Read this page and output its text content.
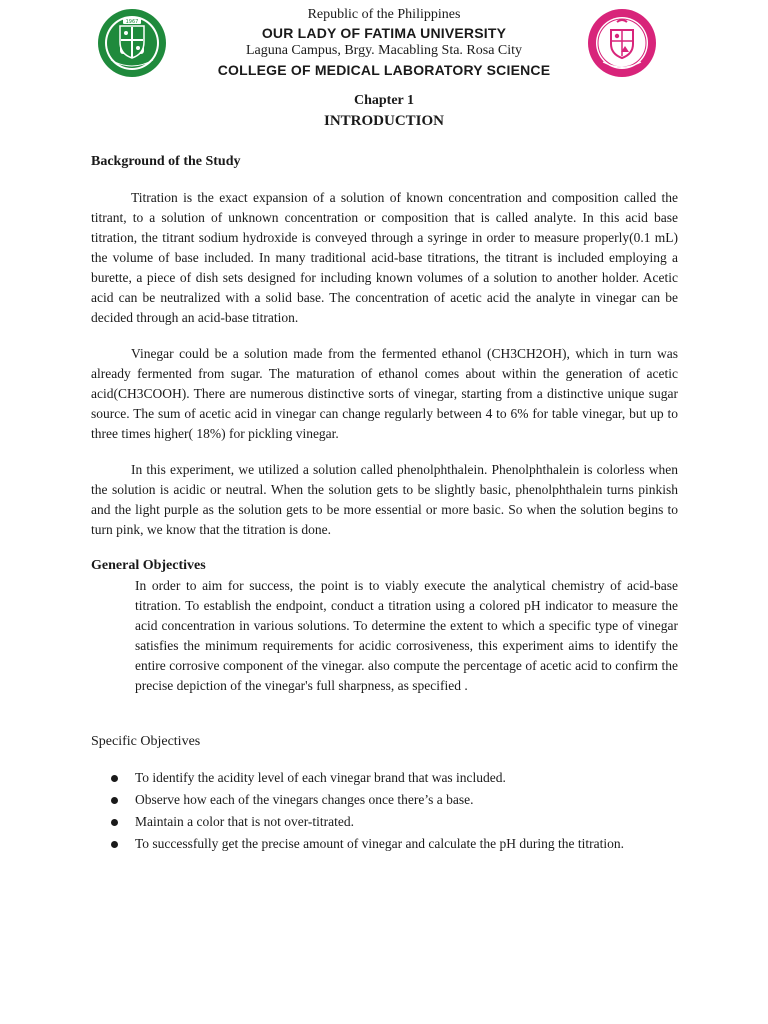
1967	Republic of the Philippines
OUR LADY OF FATIMA UNIVERSITY
Laguna Campus, Brgy. Macabling Sta. Rosa City
COLLEGE OF MEDICAL LABORATORY SCIENCE
Chapter 1
INTRODUCTION
Background of the Study

Titration is the exact expansion of a solution of known concentration and composition called the titrant, to a solution of unknown concentration or composition that is called analyte. In this acid base titration, the titrant sodium hydroxide is conveyed through a syringe in order to measure properly(0.1 mL) the volume of base included. In many traditional acid-base titrations, the titrant is included employing a burette, a piece of dish sets designed for including known volumes of a solution to another holder. Acetic acid can be neutralized with a solid base. The concentration of acetic acid the analyte in vinegar can be decided through an acid-base titration.

Vinegar could be a solution made from the fermented ethanol (CH3CH2OH), which in turn was already fermented from sugar. The maturation of ethanol comes about within the generation of acetic acid(CH3COOH). There are numerous distinctive sorts of vinegar, starting from a distinctive unique sugar source. The sum of acetic acid in vinegar can change regularly between 4 to 6% for table vinegar, but up to three times higher( 18%) for pickling vinegar.

In this experiment, we utilized a solution called phenolphthalein. Phenolphthalein is colorless when the solution is acidic or neutral. When the solution gets to be slightly basic, phenolphthalein turns pinkish and the light purple as the solution gets to be more essential or more basic. So when the solution begins to turn pink, we know that the titration is done.

General Objectives

In order to aim for success, the point is to viably execute the analytical chemistry of acid-base titration. To establish the endpoint, conduct a titration using a colored pH indicator to measure the acid concentration in various solutions. To determine the extent to which a specific type of vinegar satisfies the minimum requirements for acidic corrosiveness, this experiment aims to identify the entire corrosive component of the vinegar. also compute the percentage of acetic acid to confirm the precise depiction of the vinegar's full sharpness, as specified .

Specific Objectives
To identify the acidity level of each vinegar brand that was included.
Observe how each of the vinegars changes once there’s a base.
Maintain a color that is not over-titrated.
To successfully get the precise amount of vinegar and calculate the pH during the titration.
